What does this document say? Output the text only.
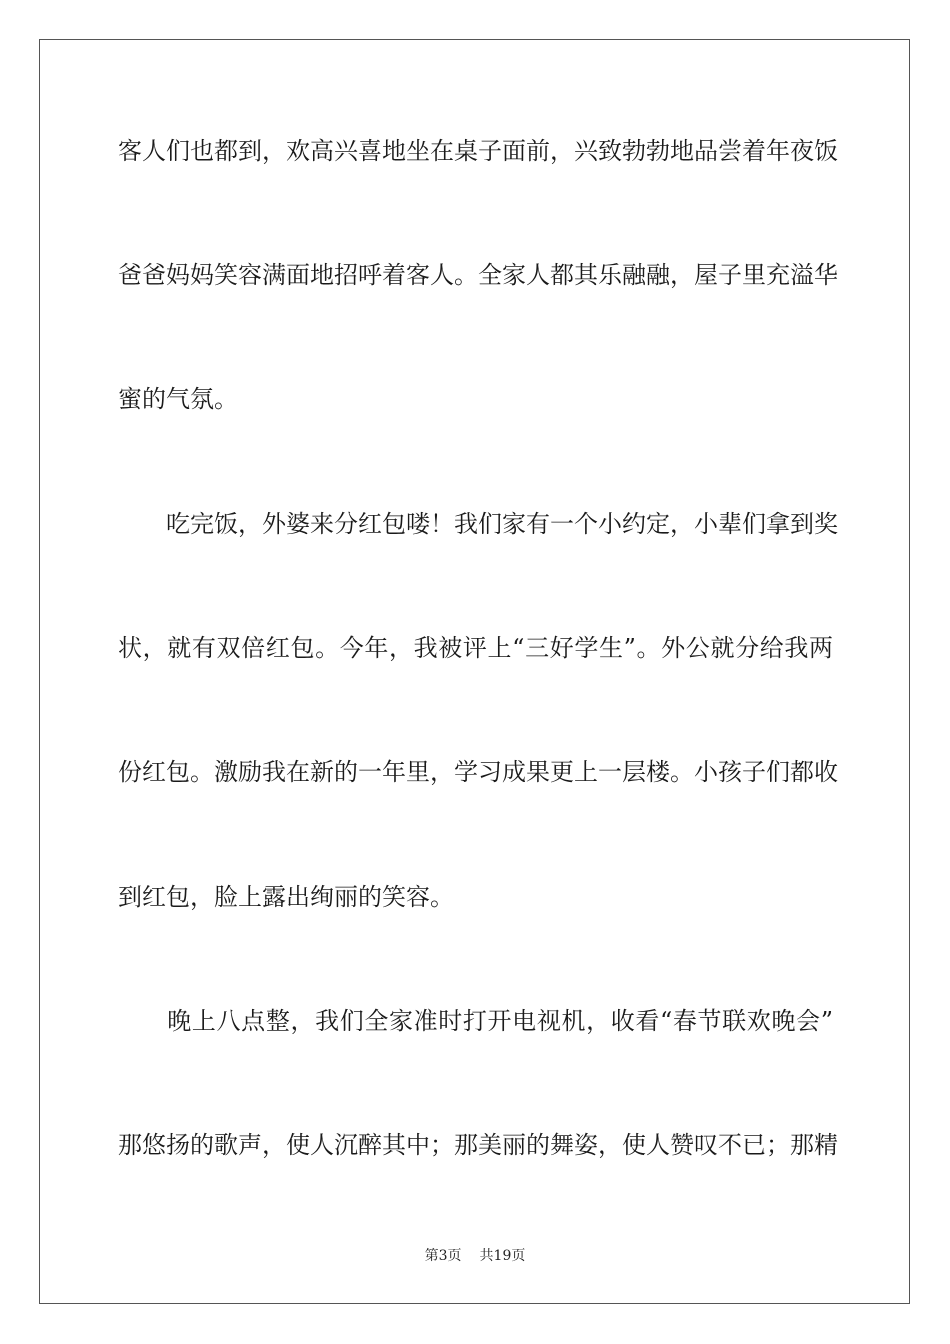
客人们也都到，欢高兴喜地坐在桌子面前，兴致勃勃地品尝着年夜饭
爸爸妈妈笑容满面地招呼着客人。全家人都其乐融融，屋子里充溢华
蜜的气氛。
　　吃完饭，外婆来分红包喽！我们家有一个小约定，小辈们拿到奖
状，就有双倍红包。今年，我被评上“三好学生”。外公就分给我两
份红包。激励我在新的一年里，学习成果更上一层楼。小孩子们都收
到红包，脸上露出绚丽的笑容。
　　晚上八点整，我们全家准时打开电视机，收看“春节联欢晚会”
那悠扬的歌声，使人沉醉其中；那美丽的舞姿，使人赞叹不已；那精
第3页 共19页
